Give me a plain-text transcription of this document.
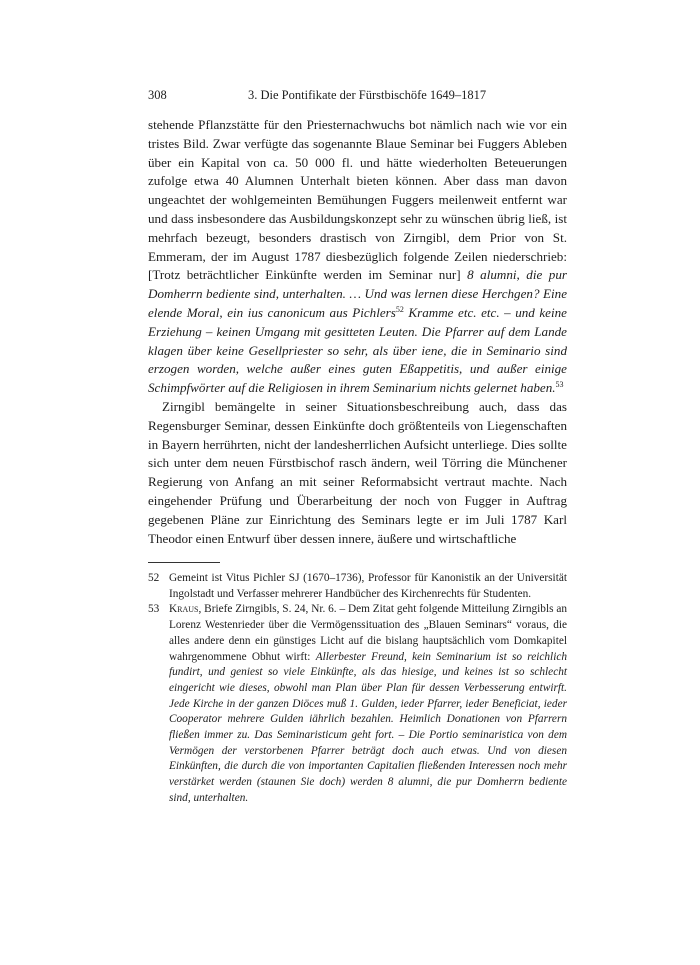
308	3. Die Pontifikate der Fürstbischöfe 1649–1817

stehende Pflanzstätte für den Priesternachwuchs bot nämlich nach wie vor ein tristes Bild. Zwar verfügte das sogenannte Blaue Seminar bei Fuggers Ableben über ein Kapital von ca. 50 000 fl. und hätte wiederholten Beteuerungen zufolge etwa 40 Alumnen Unterhalt bieten können. Aber dass man davon ungeachtet der wohlgemeinten Bemühungen Fuggers meilenweit entfernt war und dass insbesondere das Ausbildungskonzept sehr zu wünschen übrig ließ, ist mehrfach bezeugt, besonders drastisch von Zirngibl, dem Prior von St. Emmeram, der im August 1787 diesbezüglich folgende Zeilen niederschrieb: [Trotz beträchtlicher Einkünfte werden im Seminar nur] 8 alumni, die pur Domherrn bediente sind, unterhalten. … Und was lernen diese Herchgen? Eine elende Moral, ein ius canonicum aus Pichlers$^{52}$ Kramme etc. etc. – und keine Erziehung – keinen Umgang mit gesitteten Leuten. Die Pfarrer auf dem Lande klagen über keine Gesellpriester so sehr, als über iene, die in Seminario sind erzogen worden, welche außer eines guten Eßappetitis, und außer einige Schimpfwörter auf die Religiosen in ihrem Seminarium nichts gelernet haben.$^{53}$

Zirngibl bemängelte in seiner Situationsbeschreibung auch, dass das Regensburger Seminar, dessen Einkünfte doch größtenteils von Liegenschaften in Bayern herrührten, nicht der landesherrlichen Aufsicht unterliege. Dies sollte sich unter dem neuen Fürstbischof rasch ändern, weil Törring die Münchener Regierung von Anfang an mit seiner Reformabsicht vertraut machte. Nach eingehender Prüfung und Überarbeitung der noch von Fugger in Auftrag gegebenen Pläne zur Einrichtung des Seminars legte er im Juli 1787 Karl Theodor einen Entwurf über dessen innere, äußere und wirtschaftliche

52 Gemeint ist Vitus Pichler SJ (1670–1736), Professor für Kanonistik an der Universität Ingolstadt und Verfasser mehrerer Handbücher des Kirchenrechts für Studenten.

53 Kraus, Briefe Zirngibls, S. 24, Nr. 6. – Dem Zitat geht folgende Mitteilung Zirngibls an Lorenz Westenrieder über die Vermögenssituation des „Blauen Seminars“ voraus, die alles andere denn ein günstiges Licht auf die bislang hauptsächlich vom Domkapitel wahrgenommene Obhut wirft: Allerbester Freund, kein Seminarium ist so reichlich fundirt, und geniest so viele Einkünfte, als das hiesige, und keines ist so schlecht eingericht wie dieses, obwohl man Plan über Plan für dessen Verbesserung entwirft. Jede Kirche in der ganzen Diöces muß 1. Gulden, ieder Pfarrer, ieder Beneficiat, ieder Cooperator mehrere Gulden iährlich bezahlen. Heimlich Donationen von Pfarrern fließen immer zu. Das Seminaristicum geht fort. – Die Portio seminaristica von dem Vermögen der verstorbenen Pfarrer beträgt doch auch etwas. Und von diesen Einkünften, die durch die von importanten Capitalien fließenden Interessen noch mehr verstärket werden (staunen Sie doch) werden 8 alumni, die pur Domherrn bediente sind, unterhalten.
